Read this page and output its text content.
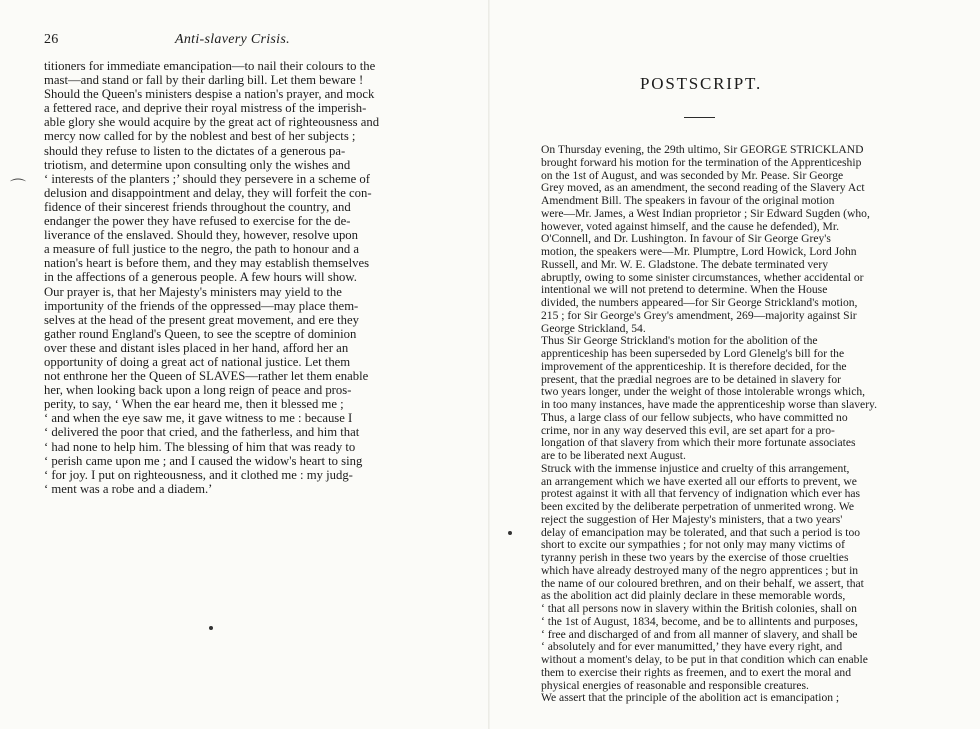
26	Anti-slavery Crisis.
⌒
titioners for immediate emancipation—to nail their colours to the
mast—and stand or fall by their darling bill. Let them beware !
Should the Queen's ministers despise a nation's prayer, and mock
a fettered race, and deprive their royal mistress of the imperish-
able glory she would acquire by the great act of righteousness and
mercy now called for by the noblest and best of her subjects ;
should they refuse to listen to the dictates of a generous pa-
triotism, and determine upon consulting only the wishes and
‘ interests of the planters ;’ should they persevere in a scheme of
delusion and disappointment and delay, they will forfeit the con-
fidence of their sincerest friends throughout the country, and
endanger the power they have refused to exercise for the de-
liverance of the enslaved. Should they, however, resolve upon
a measure of full justice to the negro, the path to honour and a
nation's heart is before them, and they may establish themselves
in the affections of a generous people. A few hours will show.
Our prayer is, that her Majesty's ministers may yield to the
importunity of the friends of the oppressed—may place them-
selves at the head of the present great movement, and ere they
gather round England's Queen, to see the sceptre of dominion
over these and distant isles placed in her hand, afford her an
opportunity of doing a great act of national justice. Let them
not enthrone her the Queen of SLAVES—rather let them enable
her, when looking back upon a long reign of peace and pros-
perity, to say, ‘ When the ear heard me, then it blessed me ;
‘ and when the eye saw me, it gave witness to me : because I
‘ delivered the poor that cried, and the fatherless, and him that
‘ had none to help him. The blessing of him that was ready to
‘ perish came upon me ; and I caused the widow's heart to sing
‘ for joy. I put on righteousness, and it clothed me : my judg-
‘ ment was a robe and a diadem.’
POSTSCRIPT.
On Thursday evening, the 29th ultimo, Sir GEORGE STRICKLAND
brought forward his motion for the termination of the Apprenticeship
on the 1st of August, and was seconded by Mr. Pease. Sir George
Grey moved, as an amendment, the second reading of the Slavery Act
Amendment Bill. The speakers in favour of the original motion
were—Mr. James, a West Indian proprietor ; Sir Edward Sugden (who,
however, voted against himself, and the cause he defended), Mr.
O'Connell, and Dr. Lushington. In favour of Sir George Grey's
motion, the speakers were—Mr. Plumptre, Lord Howick, Lord John
Russell, and Mr. W. E. Gladstone. The debate terminated very
abruptly, owing to some sinister circumstances, whether accidental or
intentional we will not pretend to determine. When the House
divided, the numbers appeared—for Sir George Strickland's motion,
215 ; for Sir George's Grey's amendment, 269—majority against Sir
George Strickland, 54.
Thus Sir George Strickland's motion for the abolition of the
apprenticeship has been superseded by Lord Glenelg's bill for the
improvement of the apprenticeship. It is therefore decided, for the
present, that the prædial negroes are to be detained in slavery for
two years longer, under the weight of those intolerable wrongs which,
in too many instances, have made the apprenticeship worse than slavery.
Thus, a large class of our fellow subjects, who have committed no
crime, nor in any way deserved this evil, are set apart for a pro-
longation of that slavery from which their more fortunate associates
are to be liberated next August.
Struck with the immense injustice and cruelty of this arrangement,
an arrangement which we have exerted all our efforts to prevent, we
protest against it with all that fervency of indignation which ever has
been excited by the deliberate perpetration of unmerited wrong. We
reject the suggestion of Her Majesty's ministers, that a two years'
delay of emancipation may be tolerated, and that such a period is too
short to excite our sympathies ; for not only may many victims of
tyranny perish in these two years by the exercise of those cruelties
which have already destroyed many of the negro apprentices ; but in
the name of our coloured brethren, and on their behalf, we assert, that
as the abolition act did plainly declare in these memorable words,
‘ that all persons now in slavery within the British colonies, shall on
‘ the 1st of August, 1834, become, and be to allintents and purposes,
‘ free and discharged of and from all manner of slavery, and shall be
‘ absolutely and for ever manumitted,’ they have every right, and
without a moment's delay, to be put in that condition which can enable
them to exercise their rights as freemen, and to exert the moral and
physical energies of reasonable and responsible creatures.
We assert that the principle of the abolition act is emancipation ;
